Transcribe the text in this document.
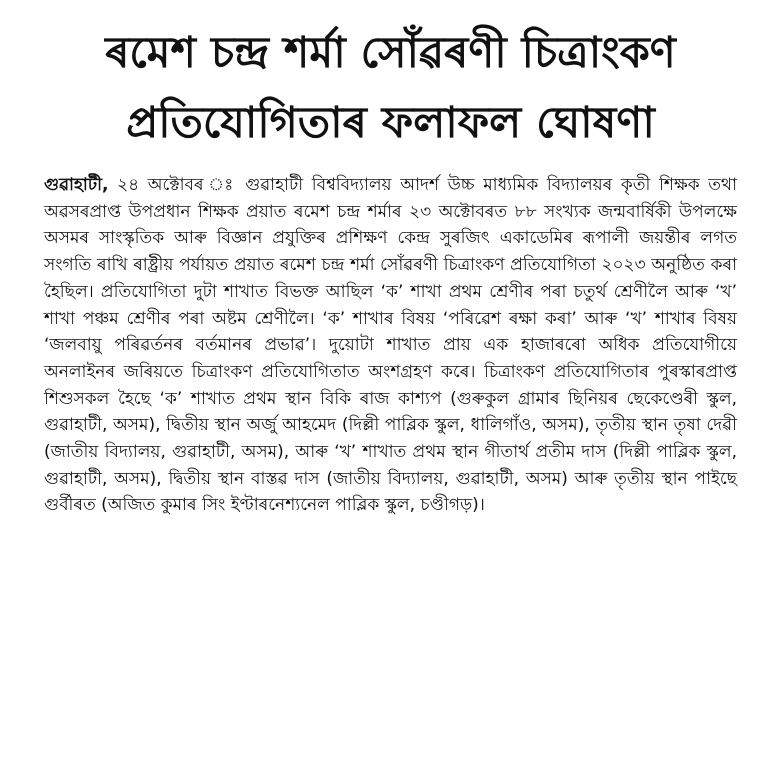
ৰমেশ চন্দ্ৰ শৰ্মা সোঁৱৰণী চিত্ৰাংকণ
প্ৰতিযোগিতাৰ ফলাফল ঘোষণা

গুৱাহাটী, ২৪ অক্টোবৰ ঃ গুৱাহাটী বিশ্ববিদ্যালয় আদৰ্শ উচ্চ মাধ্যমিক বিদ্যালয়ৰ কৃতী শিক্ষক তথা অৱসৰপ্ৰাপ্ত উপপ্ৰধান শিক্ষক প্ৰয়াত ৰমেশ চন্দ্ৰ শৰ্মাৰ ২৩ অক্টোবৰত ৮৮ সংখ্যক জন্মবাৰ্ষিকী উপলক্ষে অসমৰ সাংস্কৃতিক আৰু বিজ্ঞান প্ৰযুক্তিৰ প্ৰশিক্ষণ কেন্দ্ৰ সুৰজিৎ একাডেমিৰ ৰূপালী জয়ন্তীৰ লগত সংগতি ৰাখি ৰাষ্ট্ৰীয় পৰ্যায়ত প্ৰয়াত ৰমেশ চন্দ্ৰ শৰ্মা সোঁৱৰণী চিত্ৰাংকণ প্ৰতিযোগিতা ২০২৩ অনুষ্ঠিত কৰা হৈছিল। প্ৰতিযোগিতা দুটা শাখাত বিভক্ত আছিল ‘ক’ শাখা প্ৰথম শ্ৰেণীৰ পৰা চতুৰ্থ শ্ৰেণীলৈ আৰু ‘খ’ শাখা পঞ্চম শ্ৰেণীৰ পৰা অষ্টম শ্ৰেণীলৈ। ‘ক’ শাখাৰ বিষয় ‘পৰিৱেশ ৰক্ষা কৰা’ আৰু ‘খ’ শাখাৰ বিষয় ‘জলবায়ু পৰিৱৰ্তনৰ বৰ্তমানৰ প্ৰভাৱ’। দুয়োটা শাখাত প্ৰায় এক হাজাৰৰো অধিক প্ৰতিযোগীয়ে অনলাইনৰ জৰিয়তে চিত্ৰাংকণ প্ৰতিযোগিতাত অংশগ্ৰহণ কৰে। চিত্ৰাংকণ প্ৰতিযোগিতাৰ পুৰস্কাৰপ্ৰাপ্ত শিশুসকল হৈছে ‘ক’ শাখাত প্ৰথম স্থান বিকি ৰাজ কাশ্যপ (গুৰুকুল গ্ৰামাৰ ছিনিয়ৰ ছেকেণ্ডেৰী স্কুল, গুৱাহাটী, অসম), দ্বিতীয় স্থান অৰ্জু আহমেদ (দিল্লী পাব্লিক স্কুল, ধালিগাঁও, অসম), তৃতীয় স্থান তৃষা দেৱী (জাতীয় বিদ্যালয়, গুৱাহাটী, অসম), আৰু ‘খ’ শাখাত প্ৰথম স্থান গীতাৰ্থ প্ৰতীম দাস (দিল্লী পাব্লিক স্কুল, গুৱাহাটী, অসম), দ্বিতীয় স্থান বাস্তৱ দাস (জাতীয় বিদ্যালয়, গুৱাহাটী, অসম) আৰু তৃতীয় স্থান পাইছে গুৰ্বীৰত (অজিত কুমাৰ সিং ইণ্টাৰনেশ্যনেল পাব্লিক স্কুল, চণ্ডীগড়)।
